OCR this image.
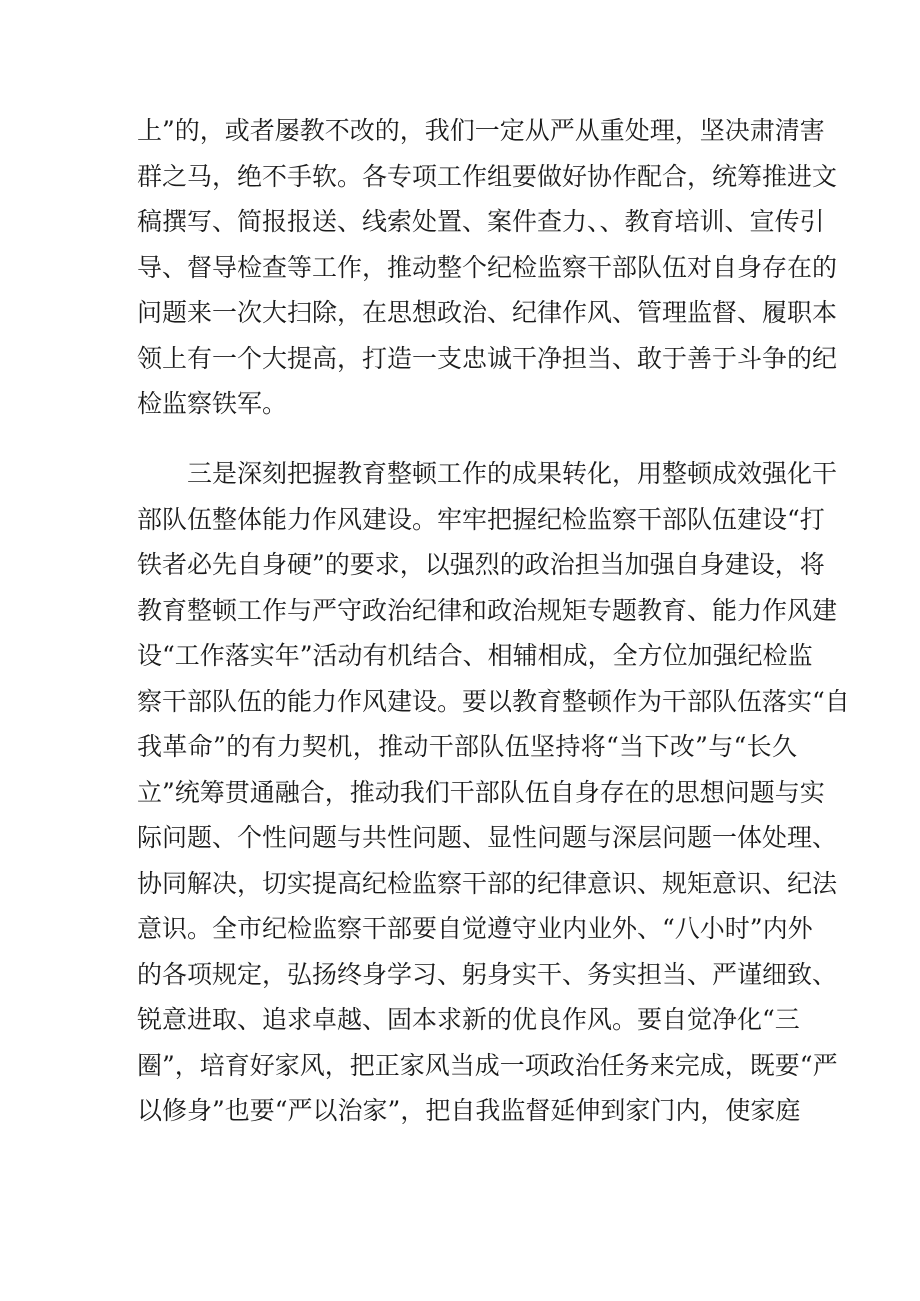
上”的，或者屡教不改的，我们一定从严从重处理，坚决肃清害
群之马，绝不手软。各专项工作组要做好协作配合，统筹推进文
稿撰写、简报报送、线索处置、案件查力、、教育培训、宣传引
导、督导检查等工作，推动整个纪检监察干部队伍对自身存在的
问题来一次大扫除，在思想政治、纪律作风、管理监督、履职本
领上有一个大提高，打造一支忠诚干净担当、敢于善于斗争的纪
检监察铁军。
三是深刻把握教育整顿工作的成果转化，用整顿成效强化干
部队伍整体能力作风建设。牢牢把握纪检监察干部队伍建设“打
铁者必先自身硬”的要求，以强烈的政治担当加强自身建设，将
教育整顿工作与严守政治纪律和政治规矩专题教育、能力作风建
设“工作落实年”活动有机结合、相辅相成，全方位加强纪检监
察干部队伍的能力作风建设。要以教育整顿作为干部队伍落实“自
我革命”的有力契机，推动干部队伍坚持将“当下改”与“长久
立”统筹贯通融合，推动我们干部队伍自身存在的思想问题与实
际问题、个性问题与共性问题、显性问题与深层问题一体处理、
协同解决，切实提高纪检监察干部的纪律意识、规矩意识、纪法
意识。全市纪检监察干部要自觉遵守业内业外、“八小时”内外
的各项规定，弘扬终身学习、躬身实干、务实担当、严谨细致、
锐意进取、追求卓越、固本求新的优良作风。要自觉净化“三
圈”，培育好家风，把正家风当成一项政治任务来完成，既要“严
以修身”也要“严以治家”，把自我监督延伸到家门内，使家庭
